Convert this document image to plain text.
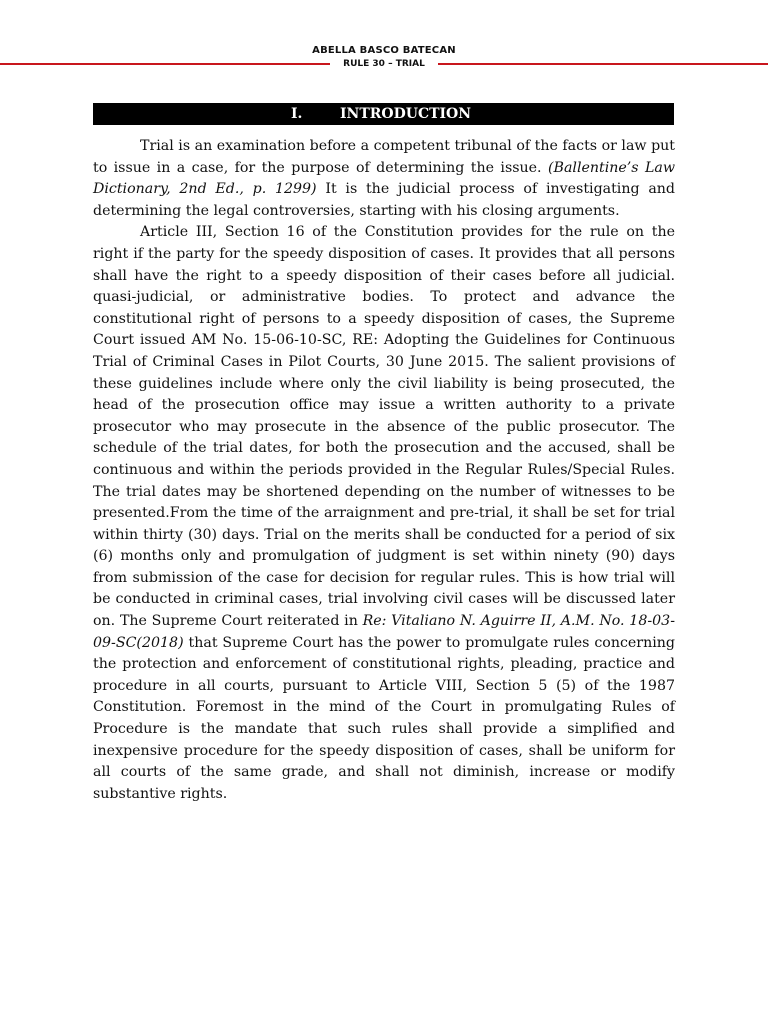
ABELLA BASCO BATECAN
RULE 30 – TRIAL
I.	INTRODUCTION

Trial is an examination before a competent tribunal of the facts or law put to issue in a case, for the purpose of determining the issue. (Ballentine’s Law Dictionary, 2nd Ed., p. 1299) It is the judicial process of investigating and determining the legal controversies, starting with his closing arguments.

Article III, Section 16 of the Constitution provides for the rule on the right if the party for the speedy disposition of cases. It provides that all persons shall have the right to a speedy disposition of their cases before all judicial. quasi-judicial, or administrative bodies. To protect and advance the constitutional right of persons to a speedy disposition of cases, the Supreme Court issued AM No. 15-06-10-SC, RE: Adopting the Guidelines for Continuous Trial of Criminal Cases in Pilot Courts, 30 June 2015. The salient provisions of these guidelines include where only the civil liability is being prosecuted, the head of the prosecution office may issue a written authority to a private prosecutor who may prosecute in the absence of the public prosecutor. The schedule of the trial dates, for both the prosecution and the accused, shall be continuous and within the periods provided in the Regular Rules/Special Rules. The trial dates may be shortened depending on the number of witnesses to be presented.From the time of the arraignment and pre-trial, it shall be set for trial within thirty (30) days. Trial on the merits shall be conducted for a period of six (6) months only and promulgation of judgment is set within ninety (90) days from submission of the case for decision for regular rules. This is how trial will be conducted in criminal cases, trial involving civil cases will be discussed later on. The Supreme Court reiterated in Re: Vitaliano N. Aguirre II, A.M. No. 18-03-09-SC(2018) that Supreme Court has the power to promulgate rules concerning the protection and enforcement of constitutional rights, pleading, practice and procedure in all courts, pursuant to Article VIII, Section 5 (5) of the 1987 Constitution. Foremost in the mind of the Court in promulgating Rules of Procedure is the mandate that such rules shall provide a simplified and inexpensive procedure for the speedy disposition of cases, shall be uniform for all courts of the same grade, and shall not diminish, increase or modify substantive rights.
